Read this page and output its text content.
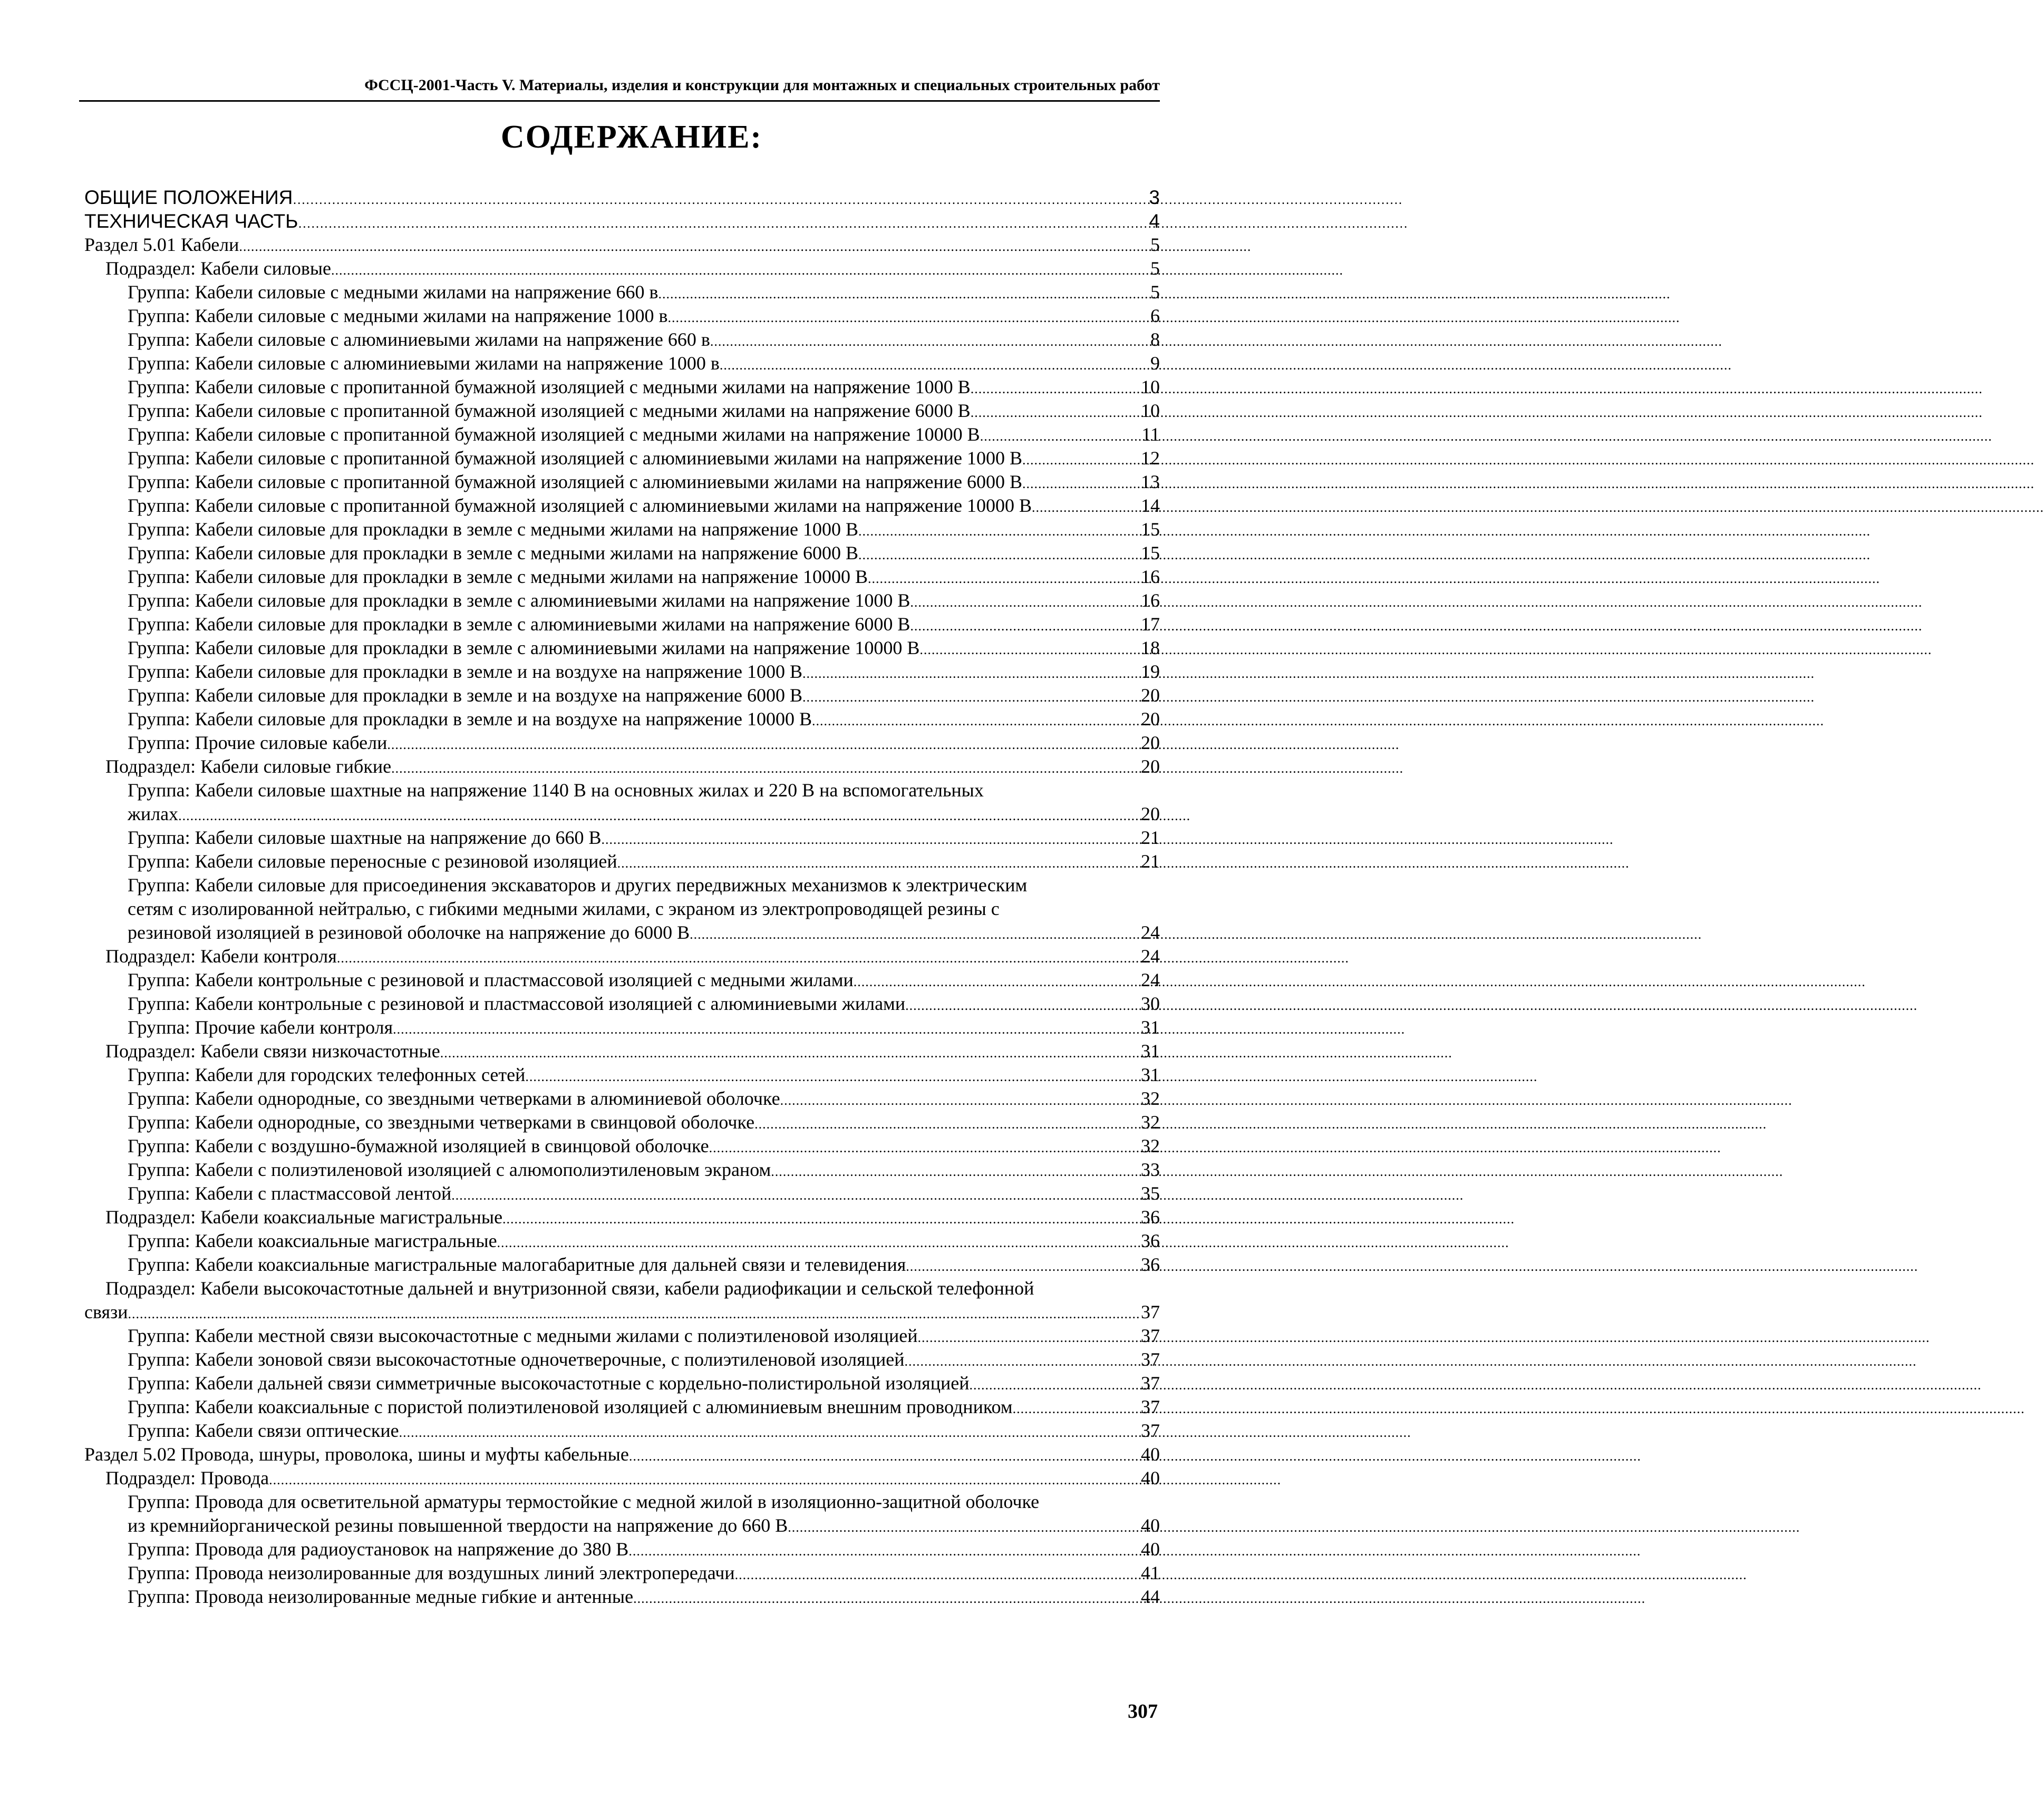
ФССЦ-2001-Часть V. Материалы, изделия и конструкции для монтажных и специальных строительных работ
СОДЕРЖАНИЕ:
ОБЩИЕ ПОЛОЖЕНИЯ .....	3
ТЕХНИЧЕСКАЯ ЧАСТЬ .....	4
Раздел 5.01 Кабели .....	5
Подраздел: Кабели силовые .....	5
Группа: Кабели силовые с медными жилами на напряжение 660 в .....	5
Группа: Кабели силовые с медными жилами на напряжение 1000 в .....	6
Группа: Кабели силовые с алюминиевыми жилами на напряжение 660 в .....	8
Группа: Кабели силовые с алюминиевыми жилами на напряжение 1000 в .....	9
Группа: Кабели силовые с пропитанной бумажной изоляцией с медными жилами на напряжение 1000 В .....	10
Группа: Кабели силовые с пропитанной бумажной изоляцией с медными жилами на напряжение 6000 В .....	10
Группа: Кабели силовые с пропитанной бумажной изоляцией с медными жилами на напряжение 10000 В .....	11
Группа: Кабели силовые с пропитанной бумажной изоляцией с алюминиевыми жилами на напряжение 1000 В .....	12
Группа: Кабели силовые с пропитанной бумажной изоляцией с алюминиевыми жилами на напряжение 6000 В .....	13
Группа: Кабели силовые с пропитанной бумажной изоляцией с алюминиевыми жилами на напряжение 10000 В .....	14
Группа: Кабели силовые для прокладки в земле с медными жилами на напряжение 1000 В .....	15
Группа: Кабели силовые для прокладки в земле с медными жилами на напряжение 6000 В .....	15
Группа: Кабели силовые для прокладки в земле с медными жилами на напряжение 10000 В .....	16
Группа: Кабели силовые для прокладки в земле с алюминиевыми жилами на напряжение 1000 В .....	16
Группа: Кабели силовые для прокладки в земле с алюминиевыми жилами на напряжение 6000 В .....	17
Группа: Кабели силовые для прокладки в земле с алюминиевыми жилами на напряжение 10000 В .....	18
Группа: Кабели силовые для прокладки в земле и на воздухе на напряжение 1000 В .....	19
Группа: Кабели силовые для прокладки в земле и на воздухе на напряжение 6000 В .....	20
Группа: Кабели силовые для прокладки в земле и на воздухе на напряжение 10000 В .....	20
Группа: Прочие силовые кабели .....	20
Подраздел: Кабели силовые гибкие .....	20
Группа: Кабели силовые шахтные на напряжение 1140 В на основных жилах и 220 В на вспомогательных
жилах .....	20
Группа: Кабели силовые шахтные на напряжение до 660 В .....	21
Группа: Кабели силовые переносные с резиновой изоляцией .....	21
Группа: Кабели силовые для присоединения экскаваторов и других передвижных механизмов к электрическим
сетям с изолированной нейтралью, с гибкими медными жилами, с экраном из электропроводящей резины с
резиновой изоляцией в резиновой оболочке на напряжение до 6000 В .....	24
Подраздел: Кабели контроля .....	24
Группа: Кабели контрольные с резиновой и пластмассовой изоляцией с медными жилами .....	24
Группа: Кабели контрольные с резиновой и пластмассовой изоляцией с алюминиевыми жилами .....	30
Группа: Прочие кабели контроля .....	31
Подраздел: Кабели связи низкочастотные .....	31
Группа: Кабели для городских телефонных сетей .....	31
Группа: Кабели однородные, со звездными четверками в алюминиевой оболочке .....	32
Группа: Кабели однородные, со звездными четверками в свинцовой оболочке .....	32
Группа: Кабели с воздушно-бумажной изоляцией в свинцовой оболочке .....	32
Группа: Кабели с полиэтиленовой изоляцией с алюмополиэтиленовым экраном .....	33
Группа: Кабели с пластмассовой лентой .....	35
Подраздел: Кабели коаксиальные магистральные .....	36
Группа: Кабели коаксиальные магистральные .....	36
Группа: Кабели коаксиальные магистральные малогабаритные для дальней связи и телевидения .....	36
Подраздел: Кабели высокочастотные дальней и внутризонной связи, кабели радиофикации и сельской телефонной
связи .....	37
Группа: Кабели местной связи высокочастотные с медными жилами с полиэтиленовой изоляцией .....	37
Группа: Кабели зоновой связи высокочастотные одночетверочные, с полиэтиленовой изоляцией .....	37
Группа: Кабели дальней связи симметричные высокочастотные с кордельно-полистирольной изоляцией .....	37
Группа: Кабели коаксиальные с пористой полиэтиленовой изоляцией с алюминиевым внешним проводником .....	37
Группа: Кабели связи оптические .....	37
Раздел 5.02 Провода, шнуры, проволока, шины и муфты кабельные .....	40
Подраздел: Провода .....	40
Группа: Провода для осветительной арматуры термостойкие с медной жилой в изоляционно-защитной оболочке
из кремнийорганической резины повышенной твердости на напряжение до 660 В .....	40
Группа: Провода для радиоустановок на напряжение до 380 В .....	40
Группа: Провода неизолированные для воздушных линий электропередачи .....	41
Группа: Провода неизолированные медные гибкие и антенные .....	44
307
